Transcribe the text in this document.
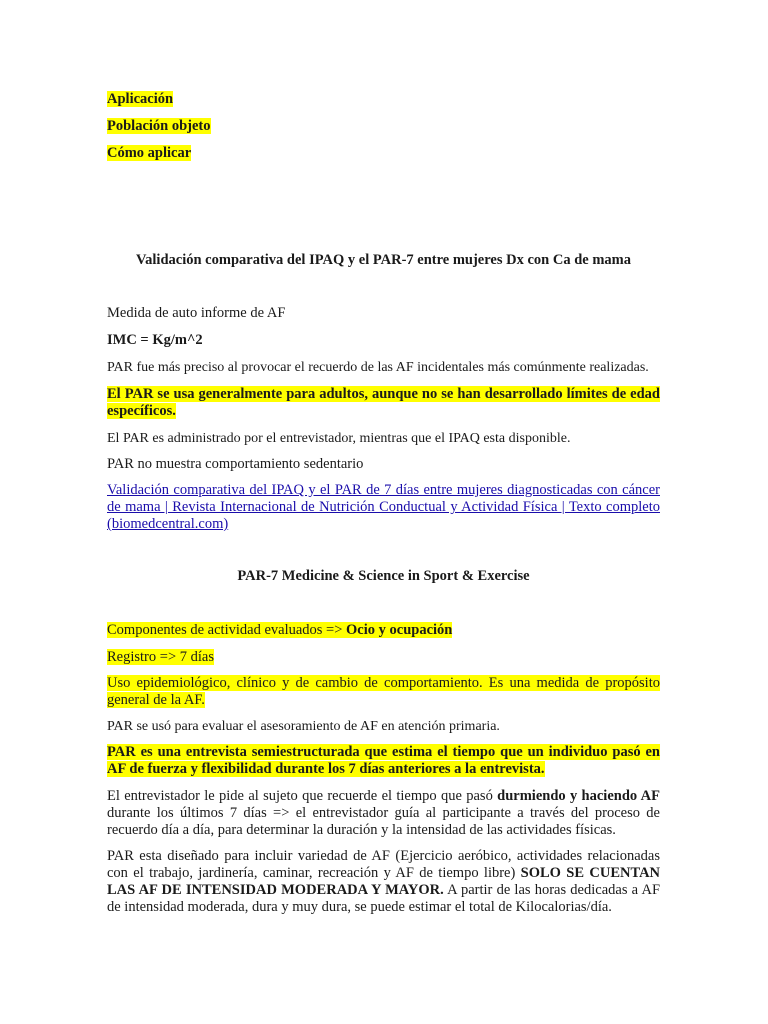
Aplicación

Población objeto

Cómo aplicar

Validación comparativa del IPAQ y el PAR-7 entre mujeres Dx con Ca de mama

Medida de auto informe de AF

IMC = Kg/m^2

PAR fue más preciso al provocar el recuerdo de las AF incidentales más comúnmente realizadas.

El PAR se usa generalmente para adultos, aunque no se han desarrollado límites de edad específicos.

El PAR es administrado por el entrevistador, mientras que el IPAQ esta disponible.

PAR no muestra comportamiento sedentario

Validación comparativa del IPAQ y el PAR de 7 días entre mujeres diagnosticadas con cáncer de mama | Revista Internacional de Nutrición Conductual y Actividad Física | Texto completo (biomedcentral.com)

PAR-7 Medicine & Science in Sport & Exercise

Componentes de actividad evaluados => Ocio y ocupación

Registro => 7 días

Uso epidemiológico, clínico y de cambio de comportamiento. Es una medida de propósito general de la AF.

PAR se usó para evaluar el asesoramiento de AF en atención primaria.

PAR es una entrevista semiestructurada que estima el tiempo que un individuo pasó en AF de fuerza y flexibilidad durante los 7 días anteriores a la entrevista.

El entrevistador le pide al sujeto que recuerde el tiempo que pasó durmiendo y haciendo AF durante los últimos 7 días => el entrevistador guía al participante a través del proceso de recuerdo día a día, para determinar la duración y la intensidad de las actividades físicas.

PAR esta diseñado para incluir variedad de AF (Ejercicio aeróbico, actividades relacionadas con el trabajo, jardinería, caminar, recreación y AF de tiempo libre) SOLO SE CUENTAN LAS AF DE INTENSIDAD MODERADA Y MAYOR. A partir de las horas dedicadas a AF de intensidad moderada, dura y muy dura, se puede estimar el total de Kilocalorias/día.
